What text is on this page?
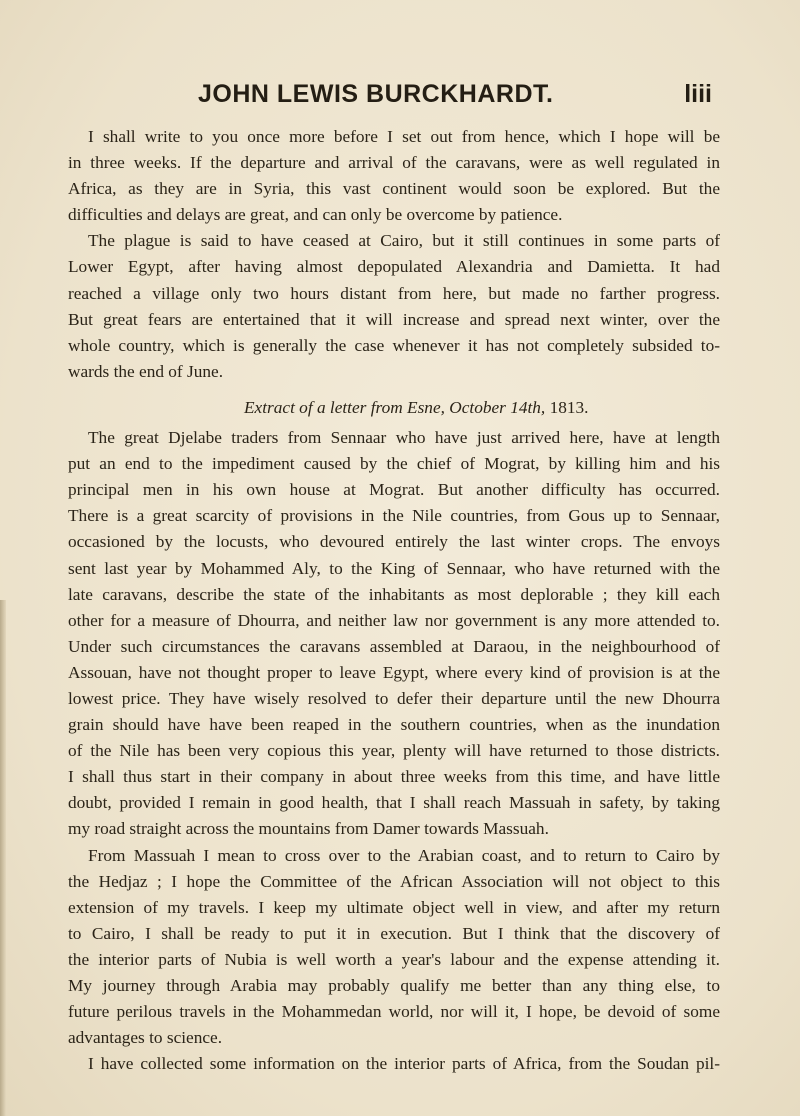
JOHN LEWIS BURCKHARDT.	liii
I shall write to you once more before I set out from hence, which I hope will be
in three weeks. If the departure and arrival of the caravans, were as well regulated in
Africa, as they are in Syria, this vast continent would soon be explored. But the
difficulties and delays are great, and can only be overcome by patience.
The plague is said to have ceased at Cairo, but it still continues in some parts of
Lower Egypt, after having almost depopulated Alexandria and Damietta. It had
reached a village only two hours distant from here, but made no farther progress.
But great fears are entertained that it will increase and spread next winter, over the
whole country, which is generally the case whenever it has not completely subsided to-
wards the end of June.
Extract of a letter from Esne, October 14th, 1813.
The great Djelabe traders from Sennaar who have just arrived here, have at length
put an end to the impediment caused by the chief of Mograt, by killing him and his
principal men in his own house at Mograt. But another difficulty has occurred.
There is a great scarcity of provisions in the Nile countries, from Gous up to Sennaar,
occasioned by the locusts, who devoured entirely the last winter crops. The envoys
sent last year by Mohammed Aly, to the King of Sennaar, who have returned with the
late caravans, describe the state of the inhabitants as most deplorable ; they kill each
other for a measure of Dhourra, and neither law nor government is any more attended to.
Under such circumstances the caravans assembled at Daraou, in the neighbourhood of
Assouan, have not thought proper to leave Egypt, where every kind of provision is at the
lowest price. They have wisely resolved to defer their departure until the new Dhourra
grain should have have been reaped in the southern countries, when as the inundation
of the Nile has been very copious this year, plenty will have returned to those districts.
I shall thus start in their company in about three weeks from this time, and have little
doubt, provided I remain in good health, that I shall reach Massuah in safety, by taking
my road straight across the mountains from Damer towards Massuah.
From Massuah I mean to cross over to the Arabian coast, and to return to Cairo by
the Hedjaz ; I hope the Committee of the African Association will not object to this
extension of my travels. I keep my ultimate object well in view, and after my return
to Cairo, I shall be ready to put it in execution. But I think that the discovery of
the interior parts of Nubia is well worth a year's labour and the expense attending it.
My journey through Arabia may probably qualify me better than any thing else, to
future perilous travels in the Mohammedan world, nor will it, I hope, be devoid of some
advantages to science.
I have collected some information on the interior parts of Africa, from the Soudan pil-
